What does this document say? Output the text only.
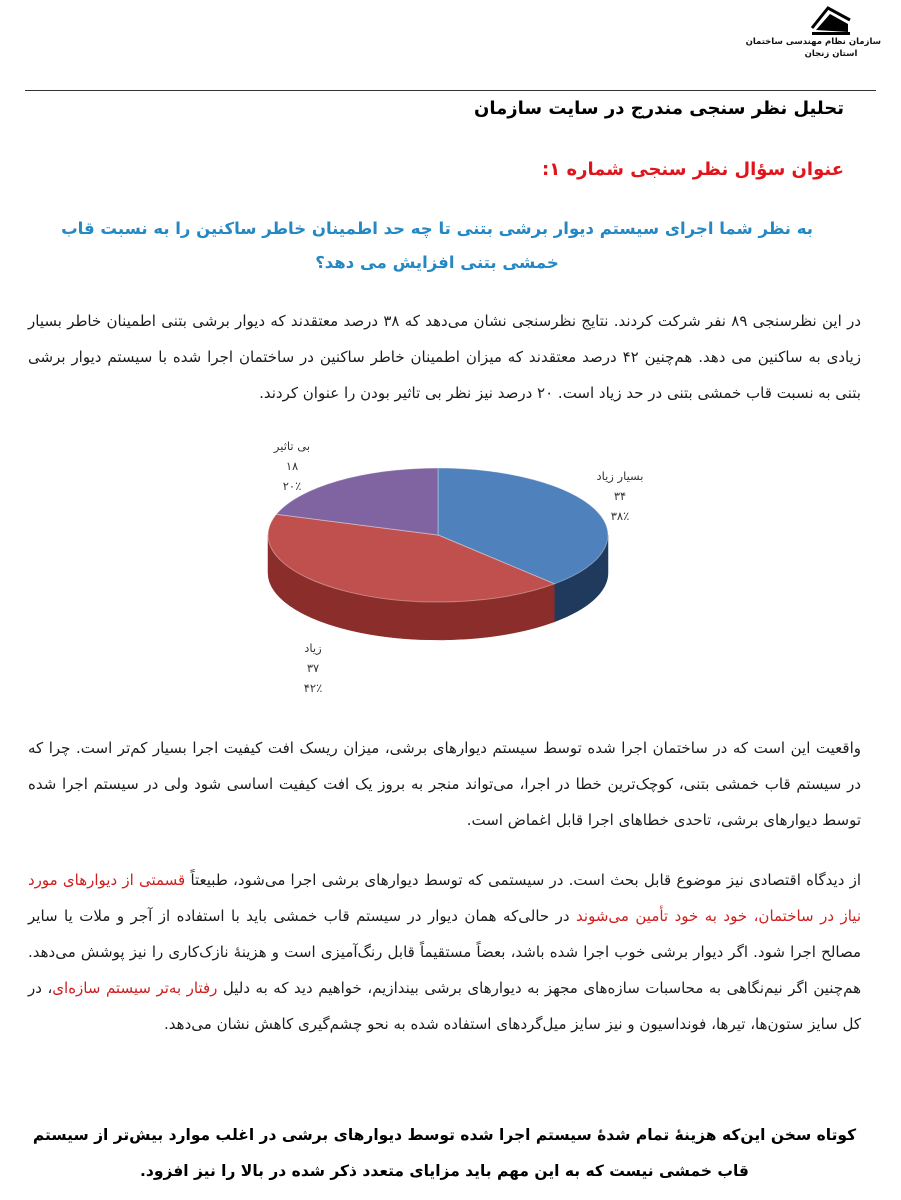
سازمان نظام مهندسی ساختمان
استان زنجان
تحلیل نظر سنجی مندرج در سایت سازمان
عنوان سؤال نظر سنجی شماره ۱:
به نظر شما اجرای سیستم دیوار برشی بتنی تا چه حد اطمینان خاطر ساکنین را به نسبت قاب خمشی بتنی افزایش می دهد؟
در این نظرسنجی ۸۹ نفر شرکت کردند. نتایج نظرسنجی نشان می‌دهد که ۳۸ درصد معتقدند که دیوار برشی بتنی اطمینان خاطر بسیار زیادی به ساکنین می دهد. هم‌چنین ۴۲ درصد معتقدند که میزان اطمینان خاطر ساکنین در ساختمان اجرا شده با سیستم دیوار برشی بتنی به نسبت قاب خمشی بتنی در حد زیاد است. ۲۰ درصد نیز نظر بی تاثیر بودن را عنوان کردند.
بسیار زیاد
۳۴
۳۸٪
زیاد
۳۷
۴۲٪
بی تاثیر
۱۸
۲۰٪
واقعیت این است که در ساختمان اجرا شده توسط سیستم دیوارهای برشی، میزان ریسک افت کیفیت اجرا بسیار کم‌تر است. چرا که در سیستم قاب خمشی بتنی، کوچک‌ترین خطا در اجرا، می‌تواند منجر به بروز یک افت کیفیت اساسی شود ولی در سیستم اجرا شده توسط دیوارهای برشی، تاحدی خطاهای اجرا قابل اغماض است.
از دیدگاه اقتصادی نیز موضوع قابل بحث است. در سیستمی که توسط دیوارهای برشی اجرا می‌شود، طبیعتاً قسمتی از دیوارهای مورد نیاز در ساختمان، خود به خود تأمین می‌شوند در حالی‌که همان دیوار در سیستم قاب خمشی باید با استفاده از آجر و ملات یا سایر مصالح اجرا شود. اگر دیوار برشی خوب اجرا شده باشد، بعضاً مستقیماً قابل رنگ‌آمیزی است و هزینهٔ نازک‌کاری را نیز پوشش می‌دهد. هم‌چنین اگر نیم‌نگاهی به محاسبات سازه‌های مجهز به دیوارهای برشی بیندازیم، خواهیم دید که به دلیل رفتار به‌تر سیستم سازه‌ای، در کل سایز ستون‌ها، تیرها، فونداسیون و نیز سایز میل‌گردهای استفاده شده به نحو چشم‌گیری کاهش نشان می‌دهد.
کوتاه سخن این‌که هزینهٔ تمام شدهٔ سیستم اجرا شده توسط دیوارهای برشی در اغلب موارد بیش‌تر از سیستم قاب خمشی نیست که به این مهم باید مزایای متعدد ذکر شده در بالا را نیز افزود.
